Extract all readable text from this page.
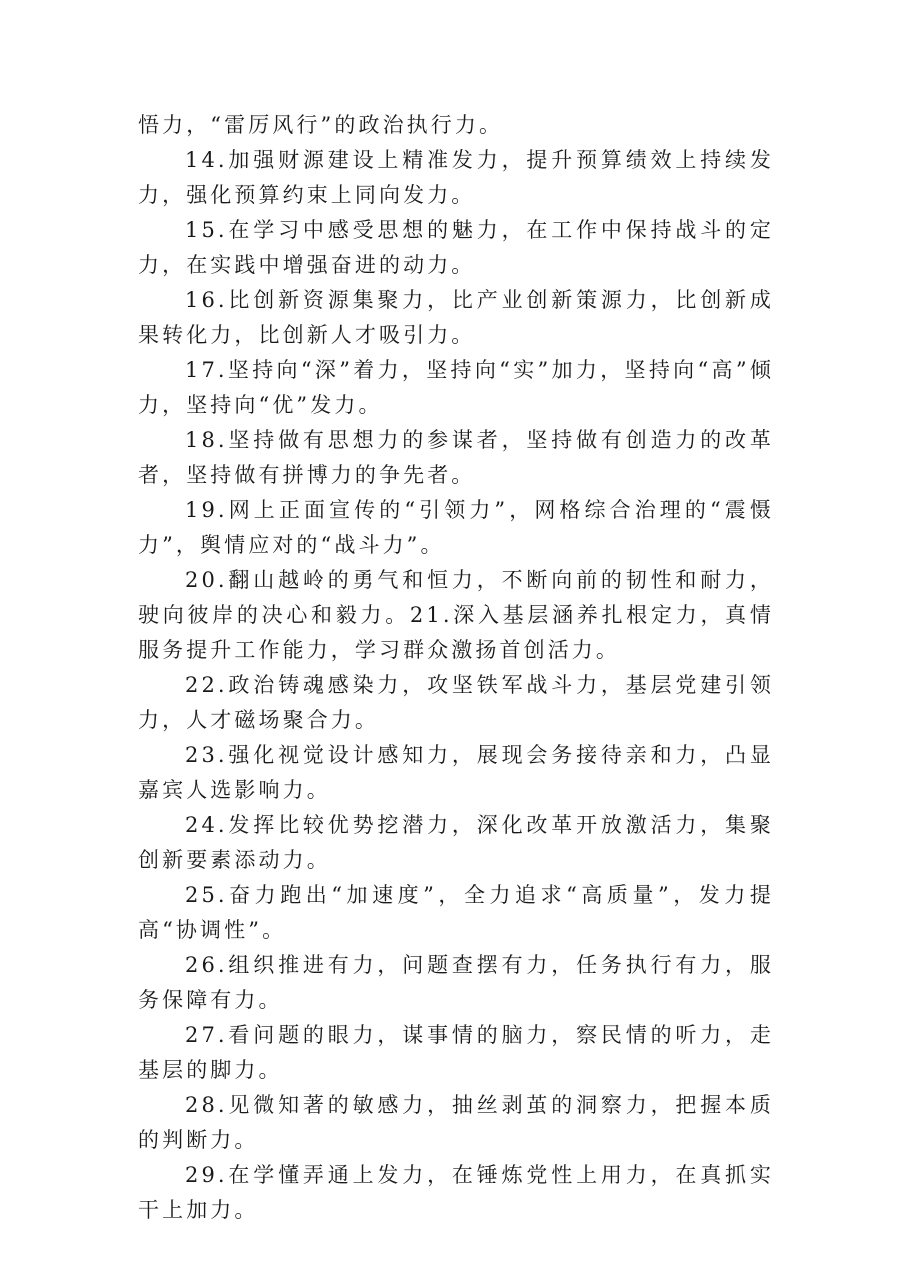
悟力，“雷厉风行”的政治执行力。

14.加强财源建设上精准发力，提升预算绩效上持续发力，强化预算约束上同向发力。

15.在学习中感受思想的魅力，在工作中保持战斗的定力，在实践中增强奋进的动力。

16.比创新资源集聚力，比产业创新策源力，比创新成果转化力，比创新人才吸引力。

17.坚持向“深”着力，坚持向“实”加力，坚持向“高”倾力，坚持向“优”发力。

18.坚持做有思想力的参谋者，坚持做有创造力的改革者，坚持做有拼博力的争先者。

19.网上正面宣传的“引领力”，网格综合治理的“震慑力”，舆情应对的“战斗力”。

20.翻山越岭的勇气和恒力，不断向前的韧性和耐力，驶向彼岸的决心和毅力。21.深入基层涵养扎根定力，真情服务提升工作能力，学习群众激扬首创活力。

22.政治铸魂感染力，攻坚铁军战斗力，基层党建引领力，人才磁场聚合力。

23.强化视觉设计感知力，展现会务接待亲和力，凸显嘉宾人选影响力。

24.发挥比较优势挖潜力，深化改革开放激活力，集聚创新要素添动力。

25.奋力跑出“加速度”，全力追求“高质量”，发力提高“协调性”。

26.组织推进有力，问题查摆有力，任务执行有力，服务保障有力。

27.看问题的眼力，谋事情的脑力，察民情的听力，走基层的脚力。

28.见微知著的敏感力，抽丝剥茧的洞察力，把握本质的判断力。

29.在学懂弄通上发力，在锤炼党性上用力，在真抓实干上加力。
